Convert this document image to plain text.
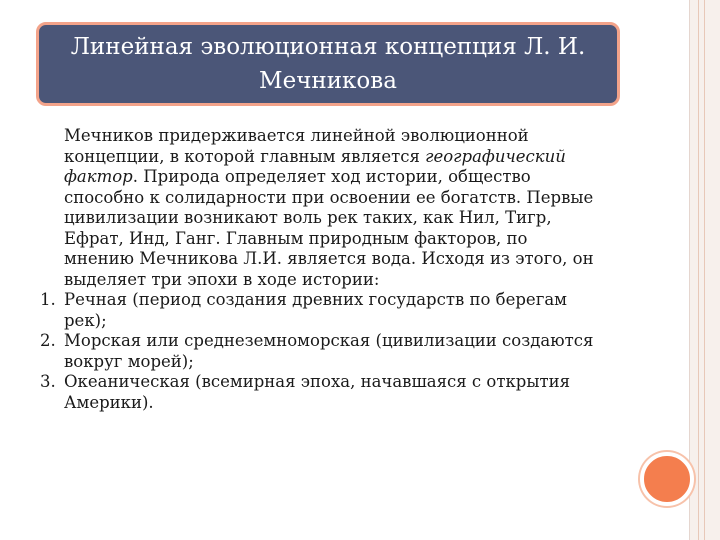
Линейная эволюционная концепция Л. И. Мечникова
Мечников придерживается линейной эволюционной концепции, в которой главным является географический фактор. Природа определяет ход истории, общество способно к солидарности при освоении ее богатств. Первые цивилизации возникают воль рек таких, как Нил, Тигр, Ефрат, Инд, Ганг. Главным природным факторов, по мнению Мечникова Л.И. является вода. Исходя из этого, он выделяет три эпохи в ходе истории:
1. Речная (период создания древних государств по берегам рек);
2. Морская или среднеземноморская (цивилизации создаются вокруг морей);
3. Океаническая (всемирная эпоха, начавшаяся с открытия Америки).
